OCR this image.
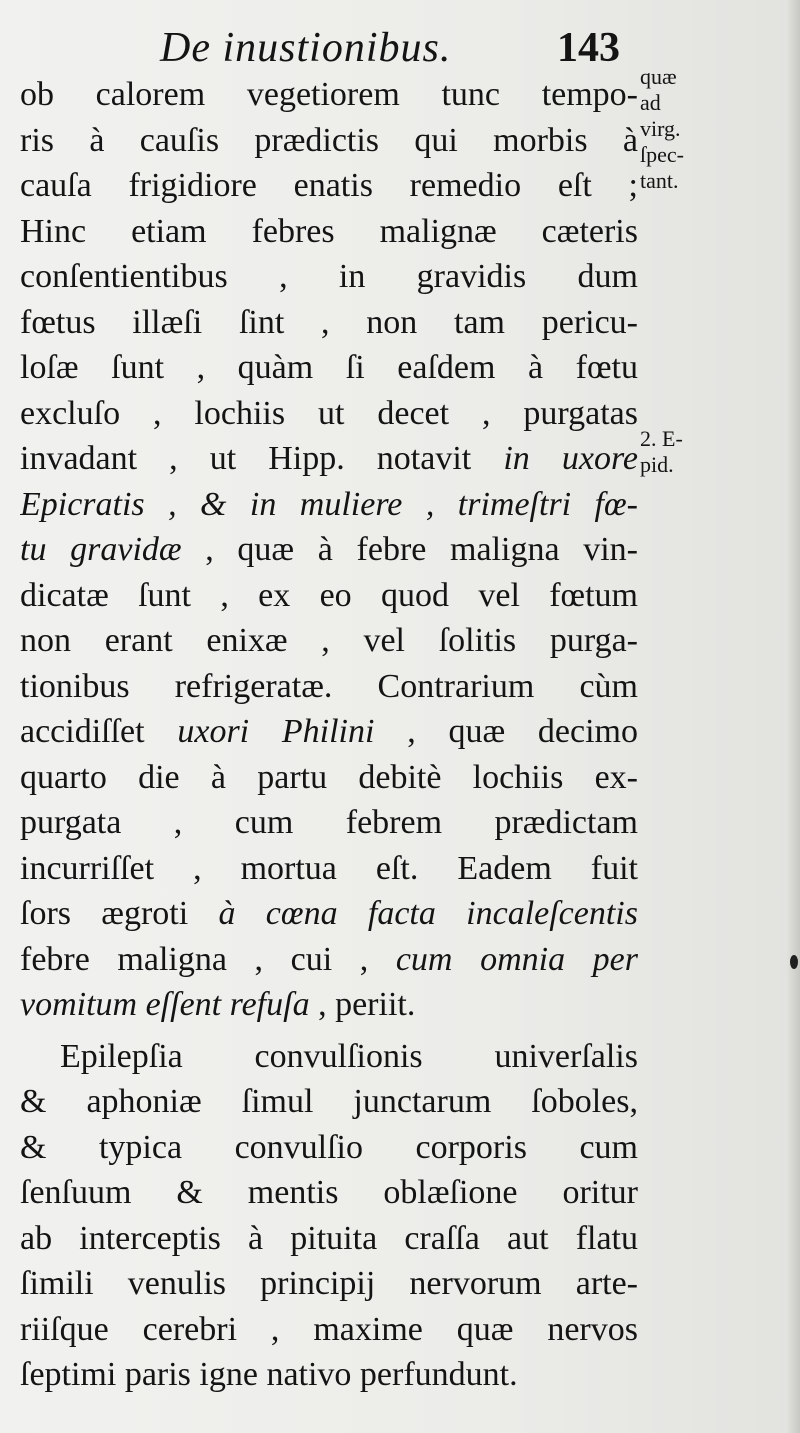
De inustionibus.	143
quæ
ad
virg.
ſpec-
tant.
2. E-
pid.
ob calorem vegetiorem tunc tempo-
ris à cauſis prædictis qui morbis à
cauſa frigidiore enatis remedio eſt ;
Hinc etiam febres malignæ cæteris
conſentientibus , in gravidis dum
fœtus illæſi ſint , non tam pericu-
loſæ ſunt , quàm ſi eaſdem à fœtu
excluſo , lochiis ut decet , purgatas
invadant , ut Hipp. notavit in uxore
Epicratis , & in muliere , trimeſtri fœ-
tu gravidæ , quæ à febre maligna vin-
dicatæ ſunt , ex eo quod vel fœtum
non erant enixæ , vel ſolitis purga-
tionibus refrigeratæ. Contrarium cùm
accidiſſet uxori Philini , quæ decimo
quarto die à partu debitè lochiis ex-
purgata , cum febrem prædictam
incurriſſet , mortua eſt. Eadem fuit
ſors ægroti à cœna facta incaleſcentis
febre maligna , cui , cum omnia per
vomitum eſſent refuſa , periit.
Epilepſia convulſionis univerſalis
& aphoniæ ſimul junctarum ſoboles,
& typica convulſio corporis cum
ſenſuum & mentis oblæſione oritur
ab interceptis à pituita craſſa aut flatu
ſimili venulis principij nervorum arte-
riiſque cerebri , maxime quæ nervos
ſeptimi paris igne nativo perfundunt.
